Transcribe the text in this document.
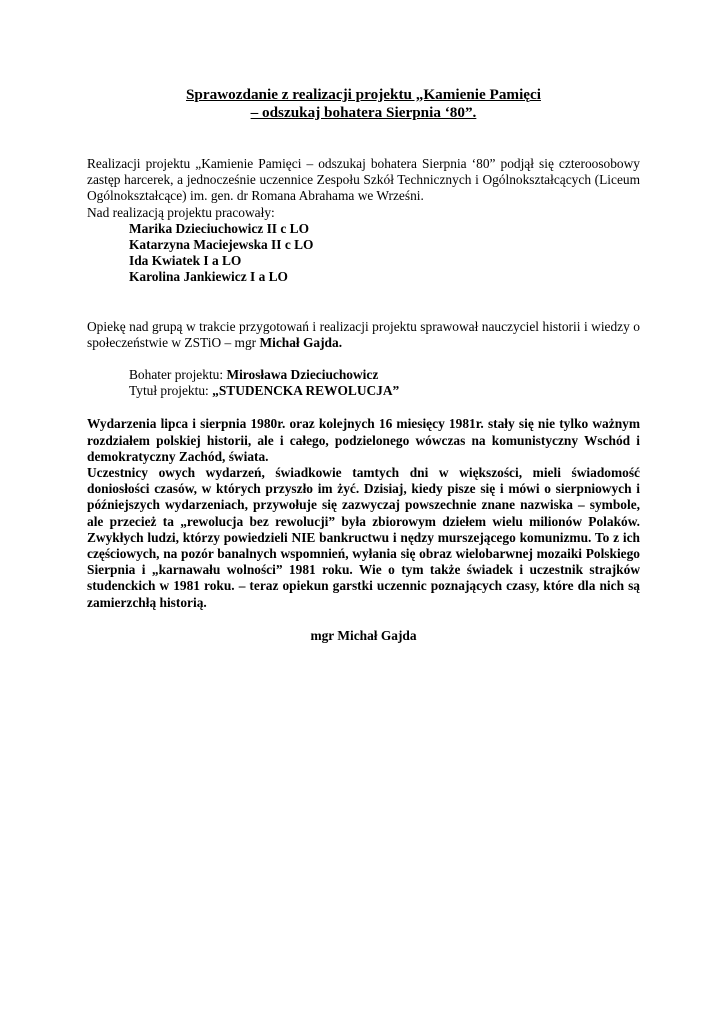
Sprawozdanie z realizacji projektu „Kamienie Pamięci
– odszukaj bohatera Sierpnia ‘80”.

Realizacji projektu „Kamienie Pamięci – odszukaj bohatera Sierpnia ‘80” podjął się czteroosobowy zastęp harcerek, a jednocześnie uczennice Zespołu Szkół Technicznych i Ogólnokształcących (Liceum Ogólnokształcące) im. gen. dr Romana Abrahama we Wrześni.

Nad realizacją projektu pracowały:

Marika Dzieciuchowicz II c LO
Katarzyna Maciejewska II c LO
Ida Kwiatek I a LO
Karolina Jankiewicz I a LO

Opiekę nad grupą w trakcie przygotowań i realizacji projektu sprawował nauczyciel historii i wiedzy o społeczeństwie w ZSTiO – mgr Michał Gajda.

Bohater projektu: Mirosława Dzieciuchowicz

Tytuł projektu: „STUDENCKA REWOLUCJA”

Wydarzenia lipca i sierpnia 1980r. oraz kolejnych 16 miesięcy 1981r. stały się nie tylko ważnym rozdziałem polskiej historii, ale i całego, podzielonego wówczas na komunistyczny Wschód i demokratyczny Zachód, świata.

Uczestnicy owych wydarzeń, świadkowie tamtych dni w większości, mieli świadomość doniosłości czasów, w których przyszło im żyć. Dzisiaj, kiedy pisze się i mówi o sierpniowych i późniejszych wydarzeniach, przywołuje się zazwyczaj powszechnie znane nazwiska – symbole, ale przecież ta „rewolucja bez rewolucji” była zbiorowym dziełem wielu milionów Polaków. Zwykłych ludzi, którzy powiedzieli NIE bankructwu i nędzy murszejącego komunizmu. To z ich częściowych, na pozór banalnych wspomnień, wyłania się obraz wielobarwnej mozaiki Polskiego Sierpnia i „karnawału wolności” 1981 roku. Wie o tym także świadek i uczestnik strajków studenckich w 1981 roku. – teraz opiekun garstki uczennic poznających czasy, które dla nich są zamierzchłą historią.

mgr Michał Gajda
